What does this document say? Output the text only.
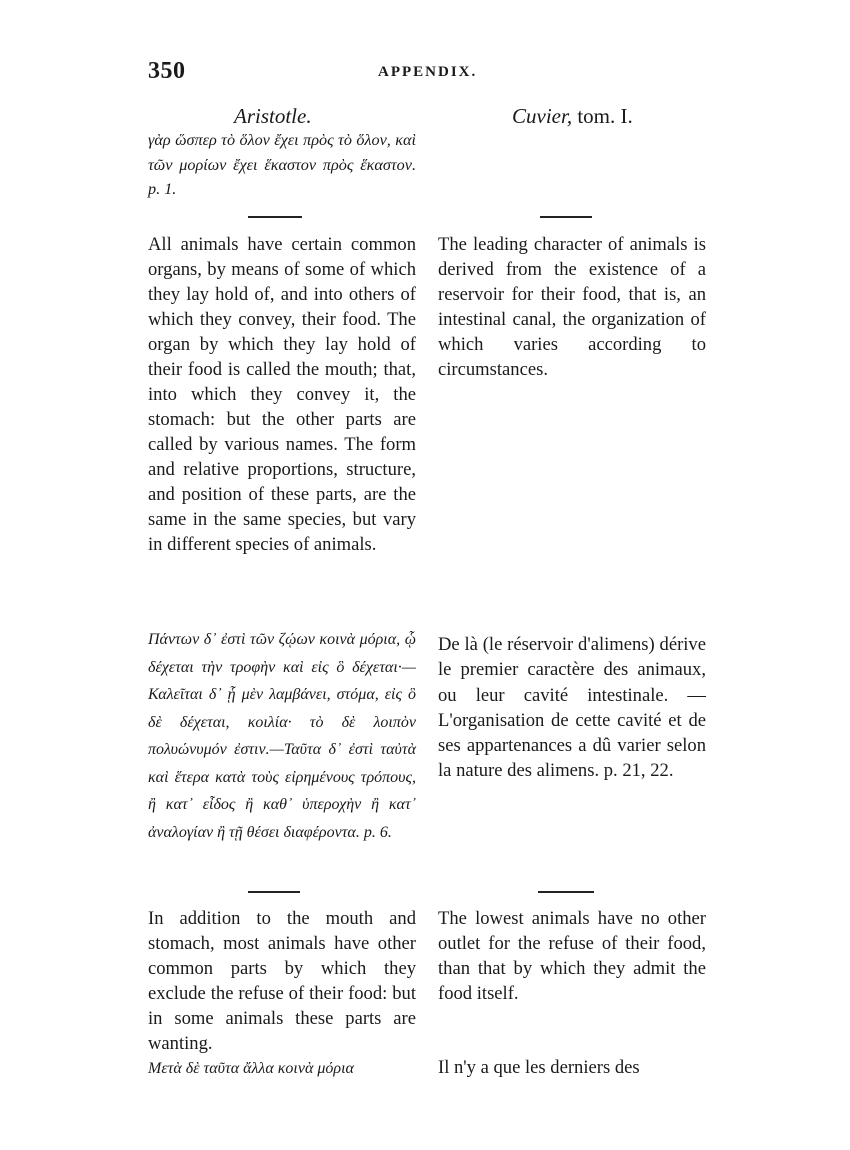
350	APPENDIX.
Aristotle.

γὰρ ὥσπερ τὸ ὅλον ἔχει πρὸς τὸ ὅλον, καὶ τῶν μορίων ἔχει ἕκαστον πρὸς ἕκαστον. p. 1.

All animals have certain common organs, by means of some of which they lay hold of, and into others of which they convey, their food. The organ by which they lay hold of their food is called the mouth; that, into which they convey it, the stomach: but the other parts are called by various names. The form and relative proportions, structure, and position of these parts, are the same in the same species, but vary in different species of animals.

Πάντων δ᾽ ἐστὶ τῶν ζῴων κοινὰ μόρια, ᾧ δέχεται τὴν τροφὴν καὶ εἰς ὃ δέχεται·—Καλεῖται δ᾽ ᾗ μὲν λαμβάνει, στόμα, εἰς ὃ δὲ δέχεται, κοιλία· τὸ δὲ λοιπὸν πολυώνυμόν ἐστιν.—Ταῦτα δ᾽ ἐστὶ ταὐτὰ καὶ ἕτερα κατὰ τοὺς εἰρημένους τρόπους, ἢ κατ᾽ εἶδος ἢ καθ᾽ ὑπεροχὴν ἢ κατ᾽ ἀναλογίαν ἢ τῇ θέσει διαφέροντα. p. 6.

In addition to the mouth and stomach, most animals have other common parts by which they exclude the refuse of their food: but in some animals these parts are wanting.

Μετὰ δὲ ταῦτα ἄλλα κοινὰ μόρια

Cuvier, tom. I.

The leading character of animals is derived from the existence of a reservoir for their food, that is, an intestinal canal, the organization of which varies according to circumstances.

De là (le réservoir d'alimens) dérive le premier caractère des animaux, ou leur cavité intestinale. — L'organisation de cette cavité et de ses appartenances a dû varier selon la nature des alimens. p. 21, 22.

The lowest animals have no other outlet for the refuse of their food, than that by which they admit the food itself.

Il n'y a que les derniers des
